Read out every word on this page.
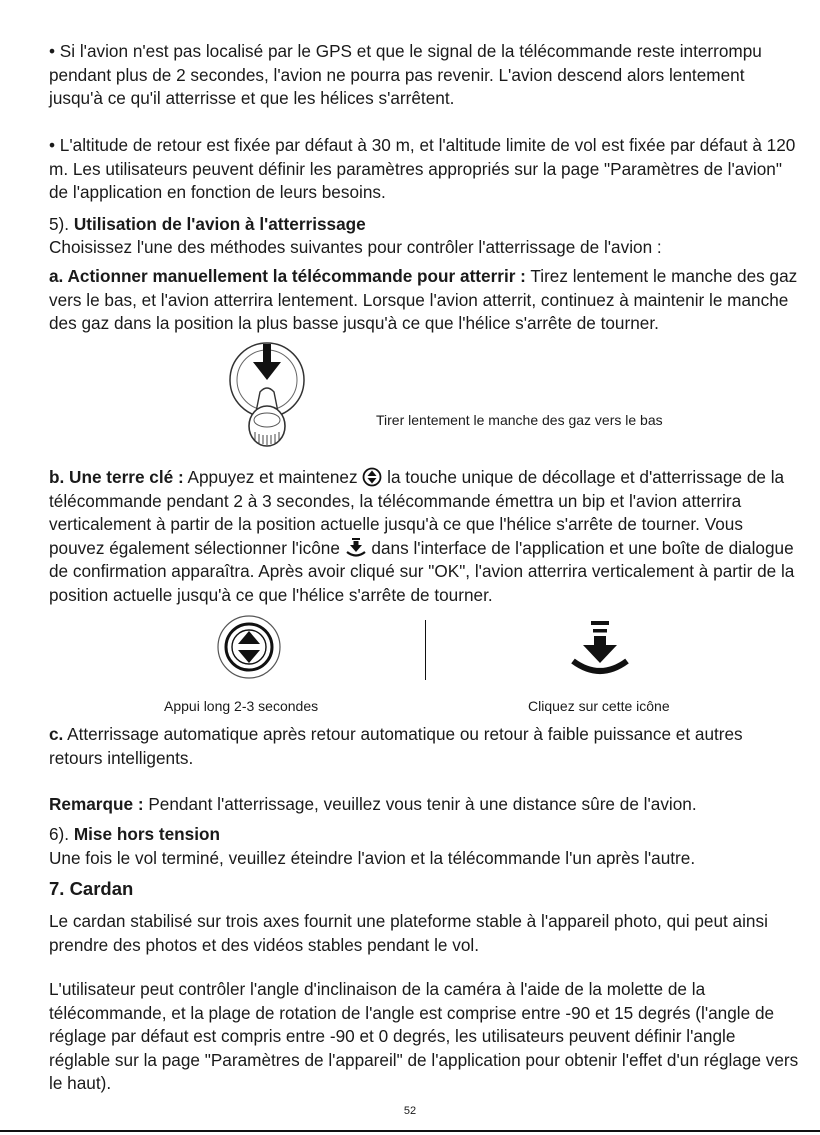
• Si l'avion n'est pas localisé par le GPS et que le signal de la télécommande reste interrompu pendant plus de 2 secondes, l'avion ne pourra pas revenir. L'avion descend alors lentement jusqu'à ce qu'il atterrisse et que les hélices s'arrêtent.

• L'altitude de retour est fixée par défaut à 30 m, et l'altitude limite de vol est fixée par défaut à 120 m. Les utilisateurs peuvent définir les paramètres appropriés sur la page "Paramètres de l'avion" de l'application en fonction de leurs besoins.

5). Utilisation de l'avion à l'atterrissage

Choisissez l'une des méthodes suivantes pour contrôler l'atterrissage de l'avion :

a. Actionner manuellement la télécommande pour atterrir : Tirez lentement le manche des gaz vers le bas, et l'avion atterrira lentement. Lorsque l'avion atterrit, continuez à maintenir le manche des gaz dans la position la plus basse jusqu'à ce que l'hélice s'arrête de tourner.

Tirer lentement le manche des gaz vers le bas

b. Une terre clé : Appuyez et maintenez  la touche unique de décollage et d'atterrissage de la télécommande pendant 2 à 3 secondes, la télécommande émettra un bip et l'avion atterrira verticalement à partir de la position actuelle jusqu'à ce que l'hélice s'arrête de tourner. Vous pouvez également sélectionner l'icône  dans l'interface de l'application et une boîte de dialogue de confirmation apparaîtra. Après avoir cliqué sur "OK", l'avion atterrira verticalement à partir de la position actuelle jusqu'à ce que l'hélice s'arrête de tourner.

Appui long 2-3 secondes	Cliquez sur cette icône

c. Atterrissage automatique après retour automatique ou retour à faible puissance et autres retours intelligents.

Remarque : Pendant l'atterrissage, veuillez vous tenir à une distance sûre de l'avion.

6). Mise hors tension

Une fois le vol terminé, veuillez éteindre l'avion et la télécommande l'un après l'autre.

7. Cardan

Le cardan stabilisé sur trois axes fournit une plateforme stable à l'appareil photo, qui peut ainsi prendre des photos et des vidéos stables pendant le vol.

L'utilisateur peut contrôler l'angle d'inclinaison de la caméra à l'aide de la molette de la télécommande, et la plage de rotation de l'angle est comprise entre -90 et 15 degrés (l'angle de réglage par défaut est compris entre -90 et 0 degrés, les utilisateurs peuvent définir l'angle réglable sur la page "Paramètres de l'appareil" de l'application pour obtenir l'effet d'un réglage vers le haut).

52
